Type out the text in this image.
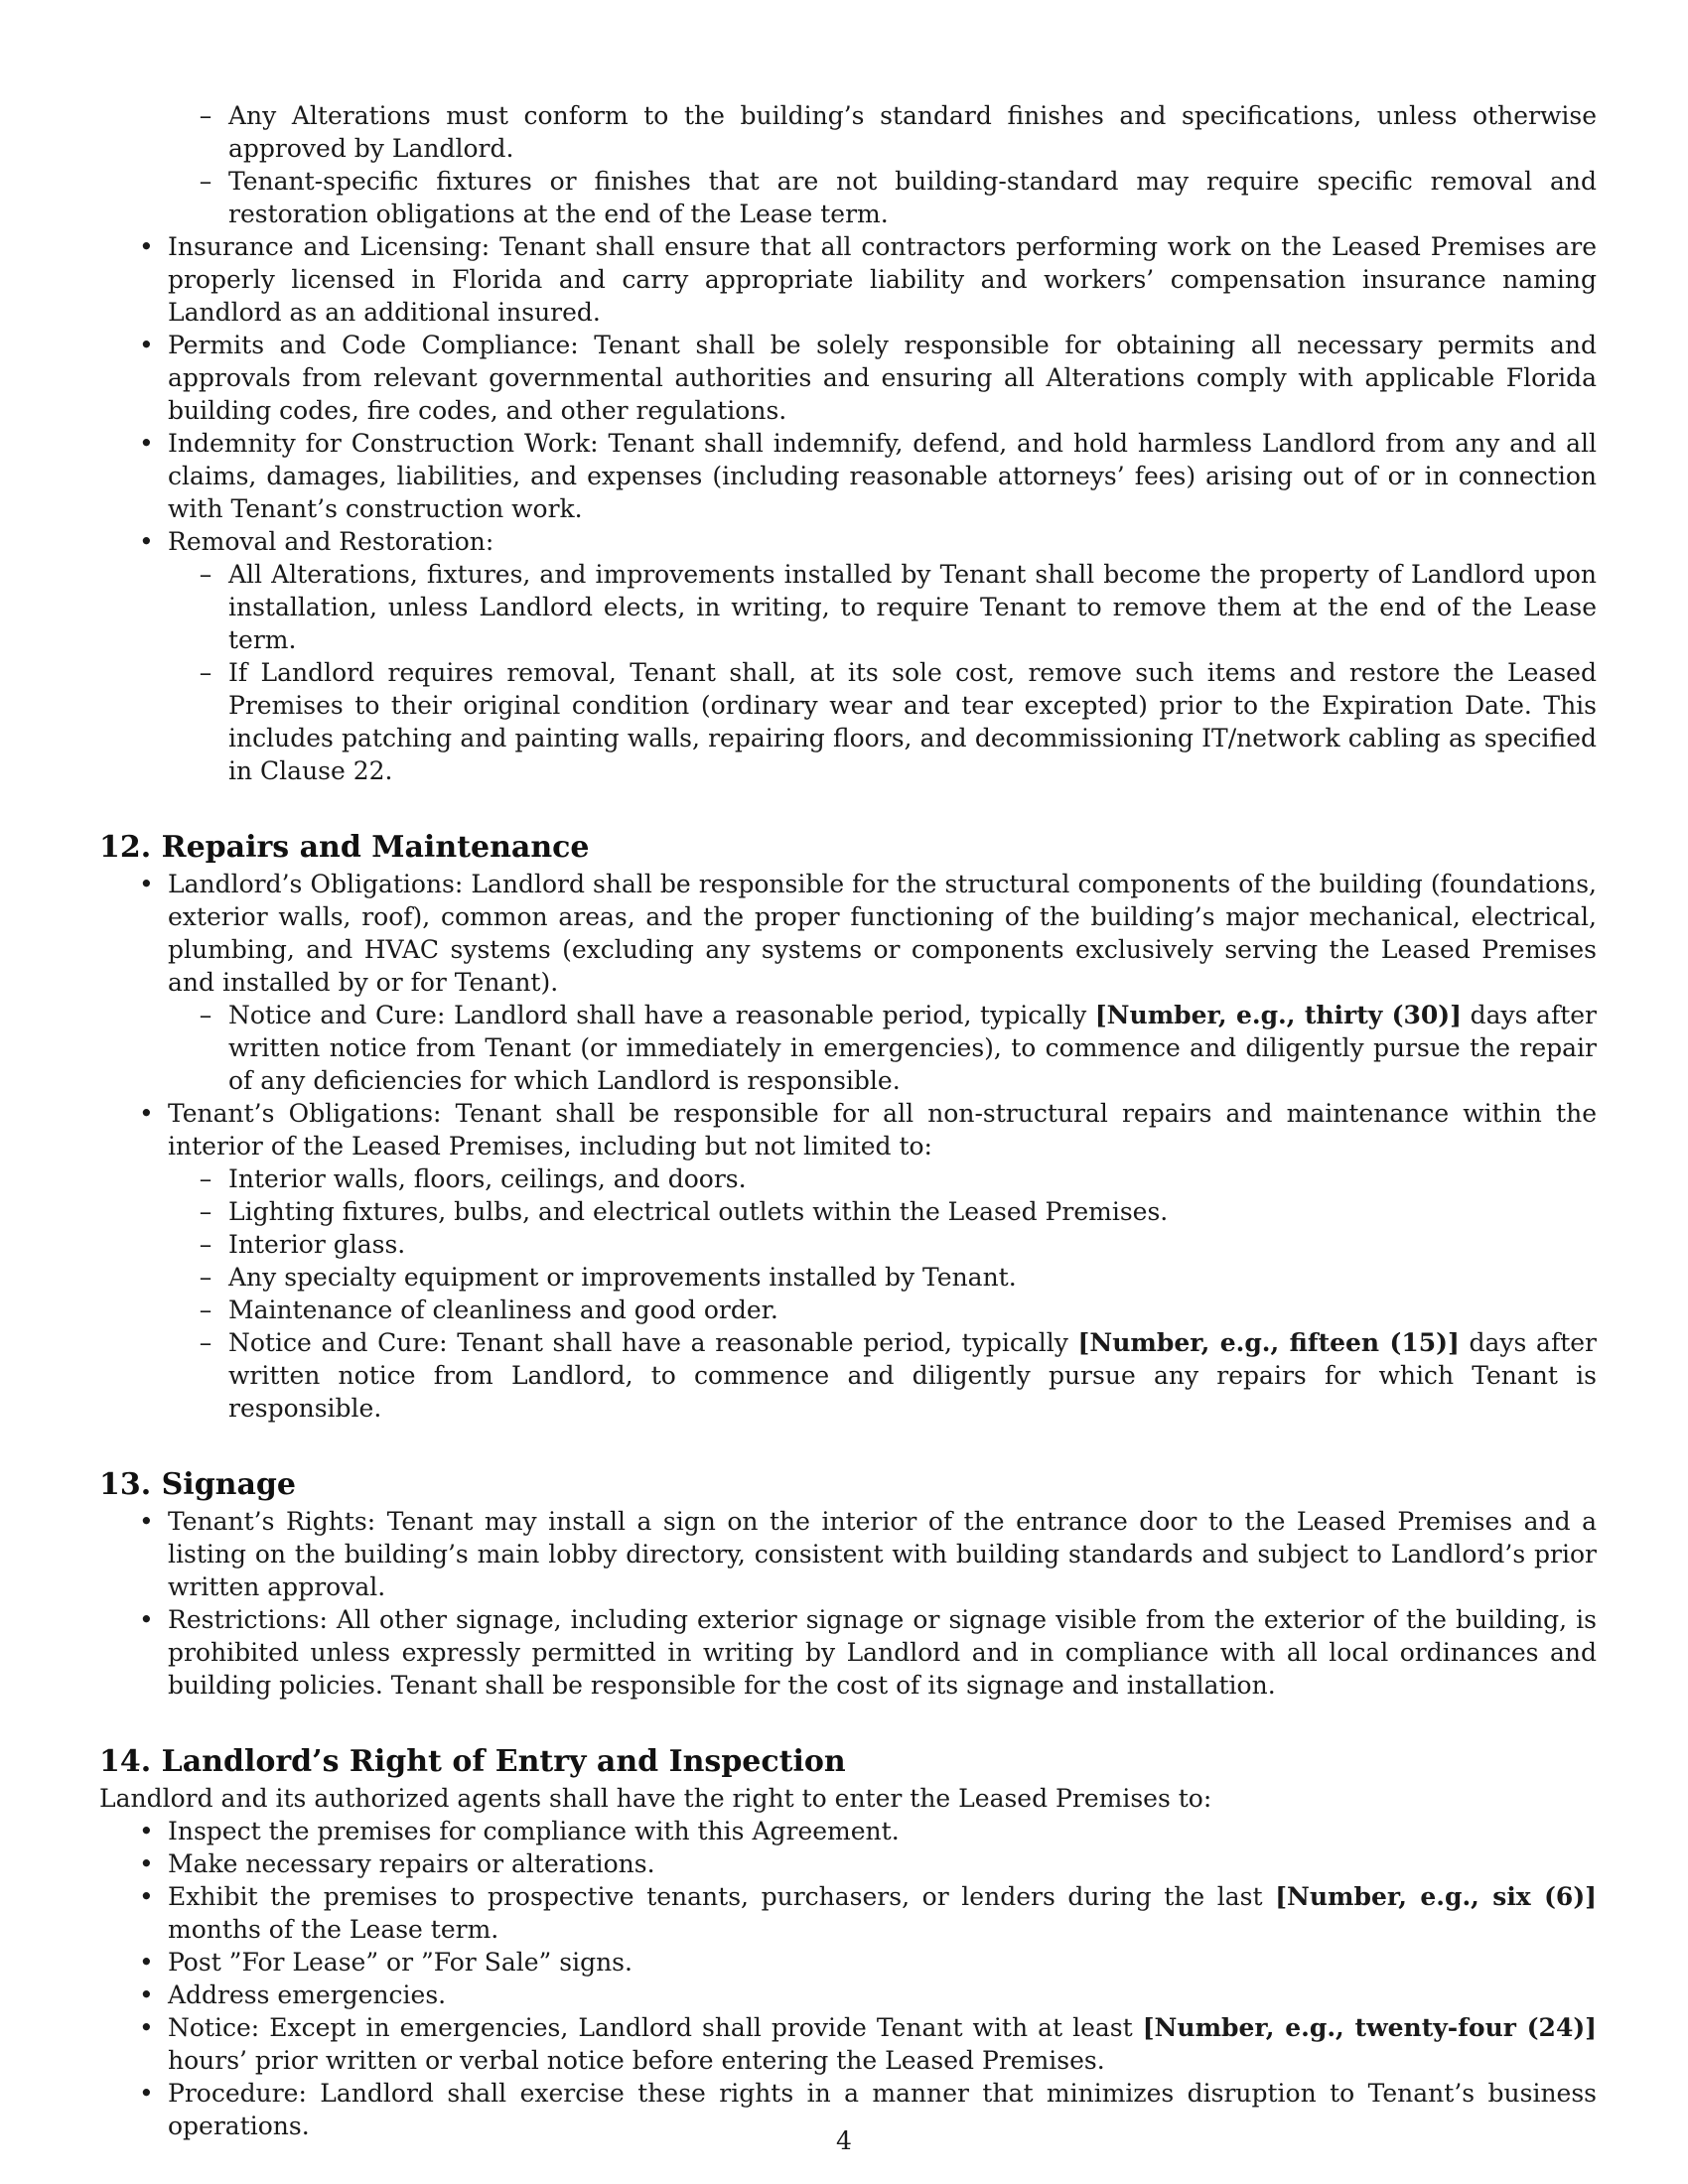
– Any Alterations must conform to the building’s standard finishes and specifications, unless otherwise approved by Landlord.

– Tenant-specific fixtures or finishes that are not building-standard may require specific removal and restoration obligations at the end of the Lease term.

• Insurance and Licensing: Tenant shall ensure that all contractors performing work on the Leased Premises are properly licensed in Florida and carry appropriate liability and workers’ compensation insurance naming Landlord as an additional insured.

• Permits and Code Compliance: Tenant shall be solely responsible for obtaining all necessary permits and approvals from relevant governmental authorities and ensuring all Alterations comply with applicable Florida building codes, fire codes, and other regulations.

• Indemnity for Construction Work: Tenant shall indemnify, defend, and hold harmless Landlord from any and all claims, damages, liabilities, and expenses (including reasonable attorneys’ fees) arising out of or in connection with Tenant’s construction work.

• Removal and Restoration:

– All Alterations, fixtures, and improvements installed by Tenant shall become the property of Landlord upon installation, unless Landlord elects, in writing, to require Tenant to remove them at the end of the Lease term.

– If Landlord requires removal, Tenant shall, at its sole cost, remove such items and restore the Leased Premises to their original condition (ordinary wear and tear excepted) prior to the Expiration Date. This includes patching and painting walls, repairing floors, and decommissioning IT/network cabling as specified in Clause 22.

12. Repairs and Maintenance
• Landlord’s Obligations: Landlord shall be responsible for the structural components of the building (foundations, exterior walls, roof), common areas, and the proper functioning of the building’s major mechanical, electrical, plumbing, and HVAC systems (excluding any systems or components exclusively serving the Leased Premises and installed by or for Tenant).

– Notice and Cure: Landlord shall have a reasonable period, typically [Number, e.g., thirty (30)] days after written notice from Tenant (or immediately in emergencies), to commence and diligently pursue the repair of any deficiencies for which Landlord is responsible.

• Tenant’s Obligations: Tenant shall be responsible for all non-structural repairs and maintenance within the interior of the Leased Premises, including but not limited to:

– Interior walls, floors, ceilings, and doors.

– Lighting fixtures, bulbs, and electrical outlets within the Leased Premises.

– Interior glass.

– Any specialty equipment or improvements installed by Tenant.

– Maintenance of cleanliness and good order.

– Notice and Cure: Tenant shall have a reasonable period, typically [Number, e.g., fifteen (15)] days after written notice from Landlord, to commence and diligently pursue any repairs for which Tenant is responsible.

13. Signage
• Tenant’s Rights: Tenant may install a sign on the interior of the entrance door to the Leased Premises and a listing on the building’s main lobby directory, consistent with building standards and subject to Landlord’s prior written approval.

• Restrictions: All other signage, including exterior signage or signage visible from the exterior of the building, is prohibited unless expressly permitted in writing by Landlord and in compliance with all local ordinances and building policies. Tenant shall be responsible for the cost of its signage and installation.

14. Landlord’s Right of Entry and Inspection

Landlord and its authorized agents shall have the right to enter the Leased Premises to:

• Inspect the premises for compliance with this Agreement.

• Make necessary repairs or alterations.

• Exhibit the premises to prospective tenants, purchasers, or lenders during the last [Number, e.g., six (6)] months of the Lease term.

• Post ”For Lease” or ”For Sale” signs.

• Address emergencies.

• Notice: Except in emergencies, Landlord shall provide Tenant with at least [Number, e.g., twenty-four (24)] hours’ prior written or verbal notice before entering the Leased Premises.

• Procedure: Landlord shall exercise these rights in a manner that minimizes disruption to Tenant’s business operations.

4
